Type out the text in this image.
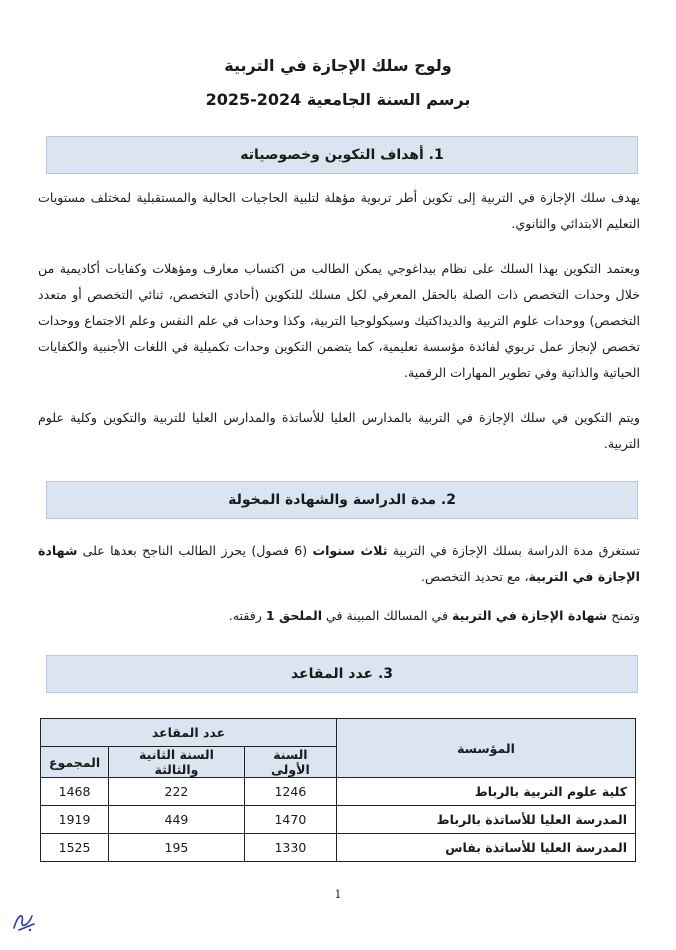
ولوج سلك الإجازة في التربية
برسم السنة الجامعية 2024-2025
1. أهداف التكوين وخصوصياته
يهدف سلك الإجازة في التربية إلى تكوين أطر تربوية مؤهلة لتلبية الحاجيات الحالية والمستقبلية لمختلف مستويات التعليم الابتدائي والثانوي.
ويعتمد التكوين بهذا السلك على نظام بيداغوجي يمكن الطالب من اكتساب معارف ومؤهلات وكفايات أكاديمية من خلال وحدات التخصص ذات الصلة بالحقل المعرفي لكل مسلك للتكوين (أحادي التخصص، ثنائي التخصص أو متعدد التخصص) ووحدات علوم التربية والديداكتيك وسيكولوجيا التربية، وكذا وحدات في علم النفس وعلم الاجتماع ووحدات تخصص لإنجاز عمل تربوي لفائدة مؤسسة تعليمية، كما يتضمن التكوين وحدات تكميلية في اللغات الأجنبية والكفايات الحياتية والذاتية وفي تطوير المهارات الرقمية.
ويتم التكوين في سلك الإجازة في التربية بالمدارس العليا للأساتذة والمدارس العليا للتربية والتكوين وكلية علوم التربية.
2. مدة الدراسة والشهادة المخولة
تستغرق مدة الدراسة بسلك الإجازة في التربية ثلاث سنوات (6 فصول) يحرز الطالب الناجح بعدها على شهادة الإجازة في التربية، مع تحديد التخصص.
وتمنح شهادة الإجازة في التربية في المسالك المبينة في الملحق 1 رفقته.
3. عدد المقاعد
المؤسسة	عدد المقاعد		
	السنة الأولى	السنة الثانية والثالثة	المجموع
كلية علوم التربية بالرباط	1246	222	1468
المدرسة العليا للأساتذة بالرباط	1470	449	1919
المدرسة العليا للأساتذة بفاس	1330	195	1525
1
